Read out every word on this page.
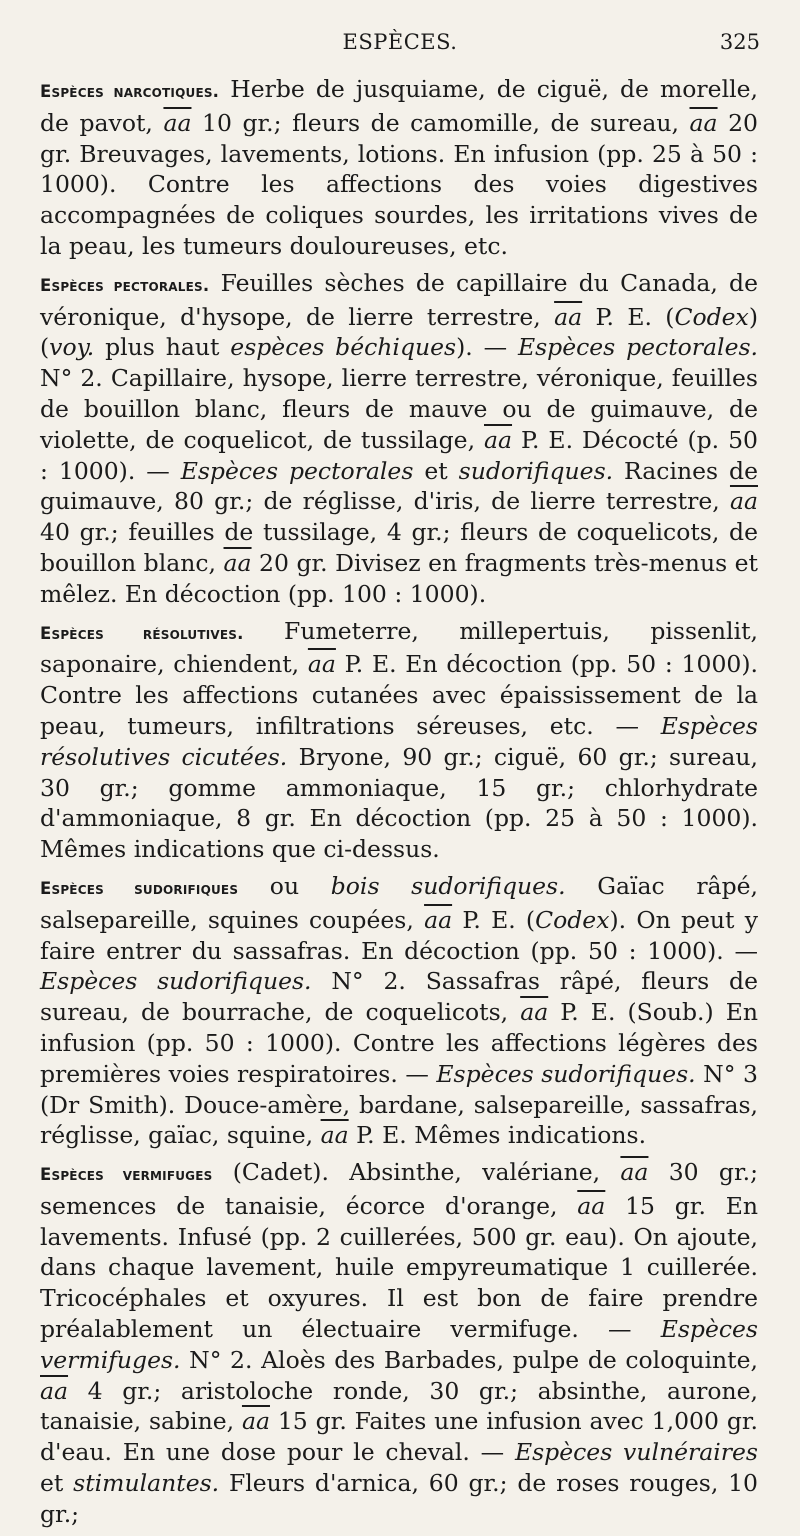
ESPÈCES.	325

Espèces narcotiques. Herbe de jusquiame, de ciguë, de morelle, de pavot, $\overline{aa}$ 10 gr.; fleurs de camomille, de sureau, $\overline{aa}$ 20 gr. Breuvages, lavements, lotions. En infusion (pp. 25 à 50 : 1000). Contre les affections des voies digestives accompagnées de coliques sourdes, les irritations vives de la peau, les tumeurs douloureuses, etc.

Espèces pectorales. Feuilles sèches de capillaire du Canada, de véronique, d'hysope, de lierre terrestre, $\overline{aa}$ P. E. (Codex) (voy. plus haut espèces béchiques). — Espèces pectorales. N° 2. Capillaire, hysope, lierre terrestre, véronique, feuilles de bouillon blanc, fleurs de mauve ou de guimauve, de violette, de coquelicot, de tussilage, $\overline{aa}$ P. E. Décocté (p. 50 : 1000). — Espèces pectorales et sudorifiques. Racines de guimauve, 80 gr.; de réglisse, d'iris, de lierre terrestre, $\overline{aa}$ 40 gr.; feuilles de tussilage, 4 gr.; fleurs de coquelicots, de bouillon blanc, $\overline{aa}$ 20 gr. Divisez en fragments très-menus et mêlez. En décoction (pp. 100 : 1000).

Espèces résolutives. Fumeterre, millepertuis, pissenlit, saponaire, chiendent, $\overline{aa}$ P. E. En décoction (pp. 50 : 1000). Contre les affections cutanées avec épaississement de la peau, tumeurs, infiltrations séreuses, etc. — Espèces résolutives cicutées. Bryone, 90 gr.; ciguë, 60 gr.; sureau, 30 gr.; gomme ammoniaque, 15 gr.; chlorhydrate d'ammoniaque, 8 gr. En décoction (pp. 25 à 50 : 1000). Mêmes indications que ci-dessus.

Espèces sudorifiques ou bois sudorifiques. Gaïac râpé, salsepareille, squines coupées, $\overline{aa}$ P. E. (Codex). On peut y faire entrer du sassafras. En décoction (pp. 50 : 1000). — Espèces sudorifiques. N° 2. Sassafras râpé, fleurs de sureau, de bourrache, de coquelicots, $\overline{aa}$ P. E. (Soub.) En infusion (pp. 50 : 1000). Contre les affections légères des premières voies respiratoires. — Espèces sudorifiques. N° 3 (Dr Smith). Douce-amère, bardane, salsepareille, sassafras, réglisse, gaïac, squine, $\overline{aa}$ P. E. Mêmes indications.

Espèces vermifuges (Cadet). Absinthe, valériane, $\overline{aa}$ 30 gr.; semences de tanaisie, écorce d'orange, $\overline{aa}$ 15 gr. En lavements. Infusé (pp. 2 cuillerées, 500 gr. eau). On ajoute, dans chaque lavement, huile empyreumatique 1 cuillerée. Tricocéphales et oxyures. Il est bon de faire prendre préalablement un électuaire vermifuge. — Espèces vermifuges. N° 2. Aloès des Barbades, pulpe de coloquinte, $\overline{aa}$ 4 gr.; aristoloche ronde, 30 gr.; absinthe, aurone, tanaisie, sabine, $\overline{aa}$ 15 gr. Faites une infusion avec 1,000 gr. d'eau. En une dose pour le cheval. — Espèces vulnéraires et stimulantes. Fleurs d'arnica, 60 gr.; de roses rouges, 10 gr.;
